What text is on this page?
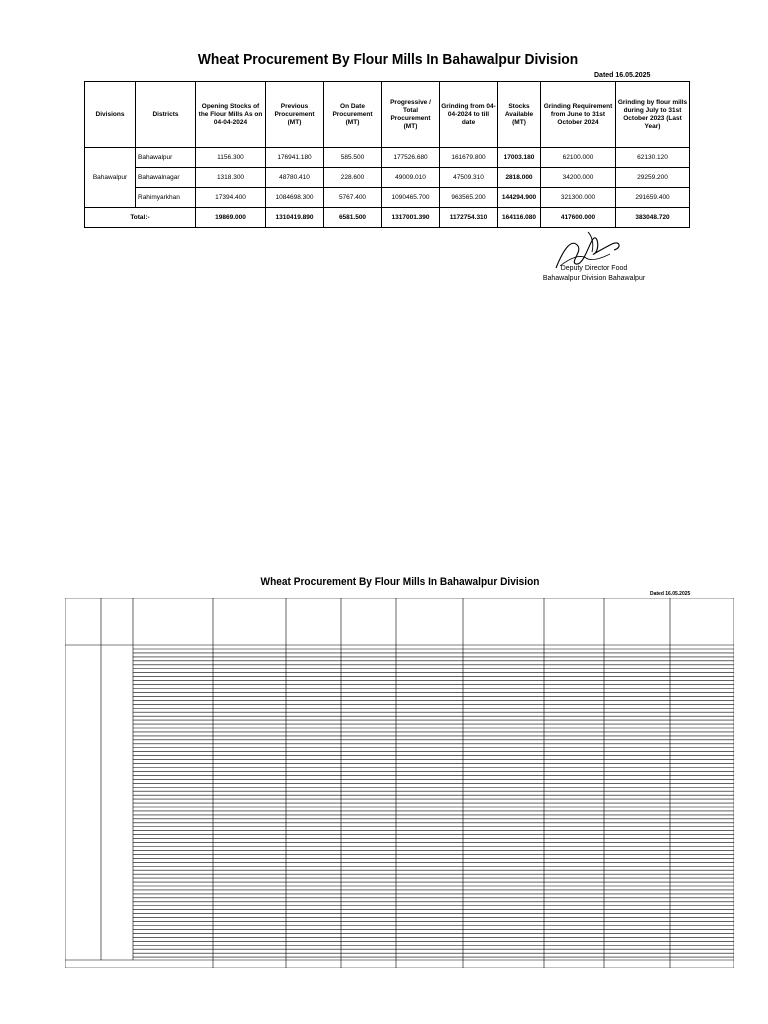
Wheat Procurement By Flour Mills In Bahawalpur Division
Dated 16.05.2025
Divisions	Districts	Opening Stocks of the Flour Mills As on 04-04-2024	Previous Procurement (MT)	On Date Procurement (MT)	Progressive / Total Procurement (MT)	Grinding from 04-04-2024 to till date	Stocks Available (MT)	Grinding Requirement from June to 31st October 2024	Grinding by flour mills during July to 31st October 2023 (Last Year)
Bahawalpur	Bahawalpur	1156.300	176941.180	585.500	177526.680	161679.800	17003.180	62100.000	62130.120
	Bahawalnagar	1318.300	48780.410	228.600	49009.010	47509.310	2818.000	34200.000	29259.200
	Rahimyarkhan	17394.400	1084698.300	5767.400	1090465.700	963565.200	144294.900	321300.000	291659.400
Total:-		19869.000	1310419.890	6581.500	1317001.390	1172754.310	164116.080	417600.000	383048.720
Deputy Director Food
Bahawalpur Division Bahawalpur
Wheat Procurement By Flour Mills In Bahawalpur Division
Dated 16.05.2025
